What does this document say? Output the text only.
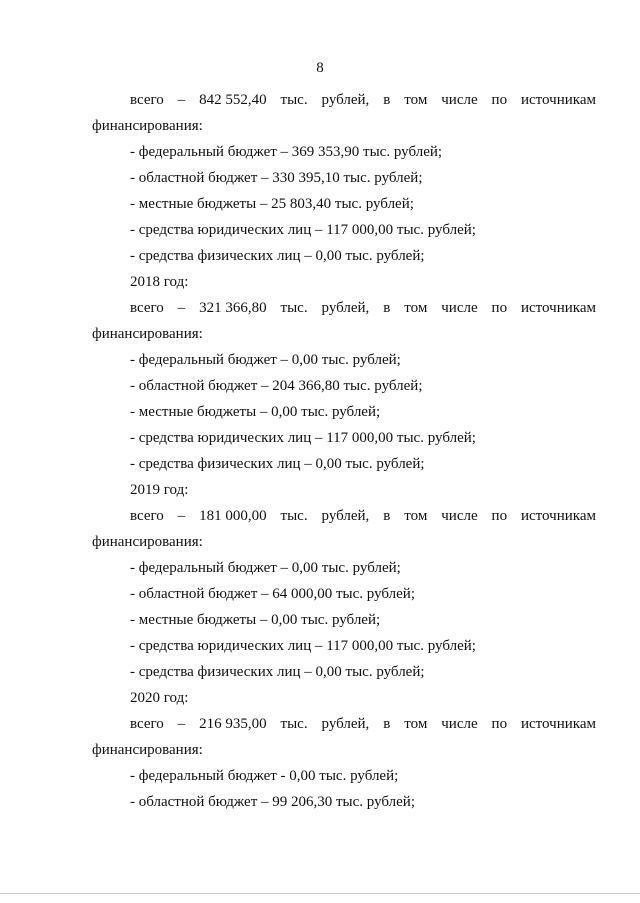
8
всего – 842 552,40 тыс. рублей, в том числе по источникам
финансирования:
- федеральный бюджет – 369 353,90 тыс. рублей;
- областной бюджет – 330 395,10 тыс. рублей;
- местные бюджеты – 25 803,40 тыс. рублей;
- средства юридических лиц – 117 000,00 тыс. рублей;
- средства физических лиц – 0,00 тыс. рублей;
2018 год:
всего – 321 366,80 тыс. рублей, в том числе по источникам
финансирования:
- федеральный бюджет – 0,00 тыс. рублей;
- областной бюджет – 204 366,80 тыс. рублей;
- местные бюджеты – 0,00 тыс. рублей;
- средства юридических лиц – 117 000,00 тыс. рублей;
- средства физических лиц – 0,00 тыс. рублей;
2019 год:
всего – 181 000,00 тыс. рублей, в том числе по источникам
финансирования:
- федеральный бюджет – 0,00 тыс. рублей;
- областной бюджет – 64 000,00 тыс. рублей;
- местные бюджеты – 0,00 тыс. рублей;
- средства юридических лиц – 117 000,00 тыс. рублей;
- средства физических лиц – 0,00 тыс. рублей;
2020 год:
всего – 216 935,00 тыс. рублей, в том числе по источникам
финансирования:
- федеральный бюджет - 0,00 тыс. рублей;
- областной бюджет – 99 206,30 тыс. рублей;
